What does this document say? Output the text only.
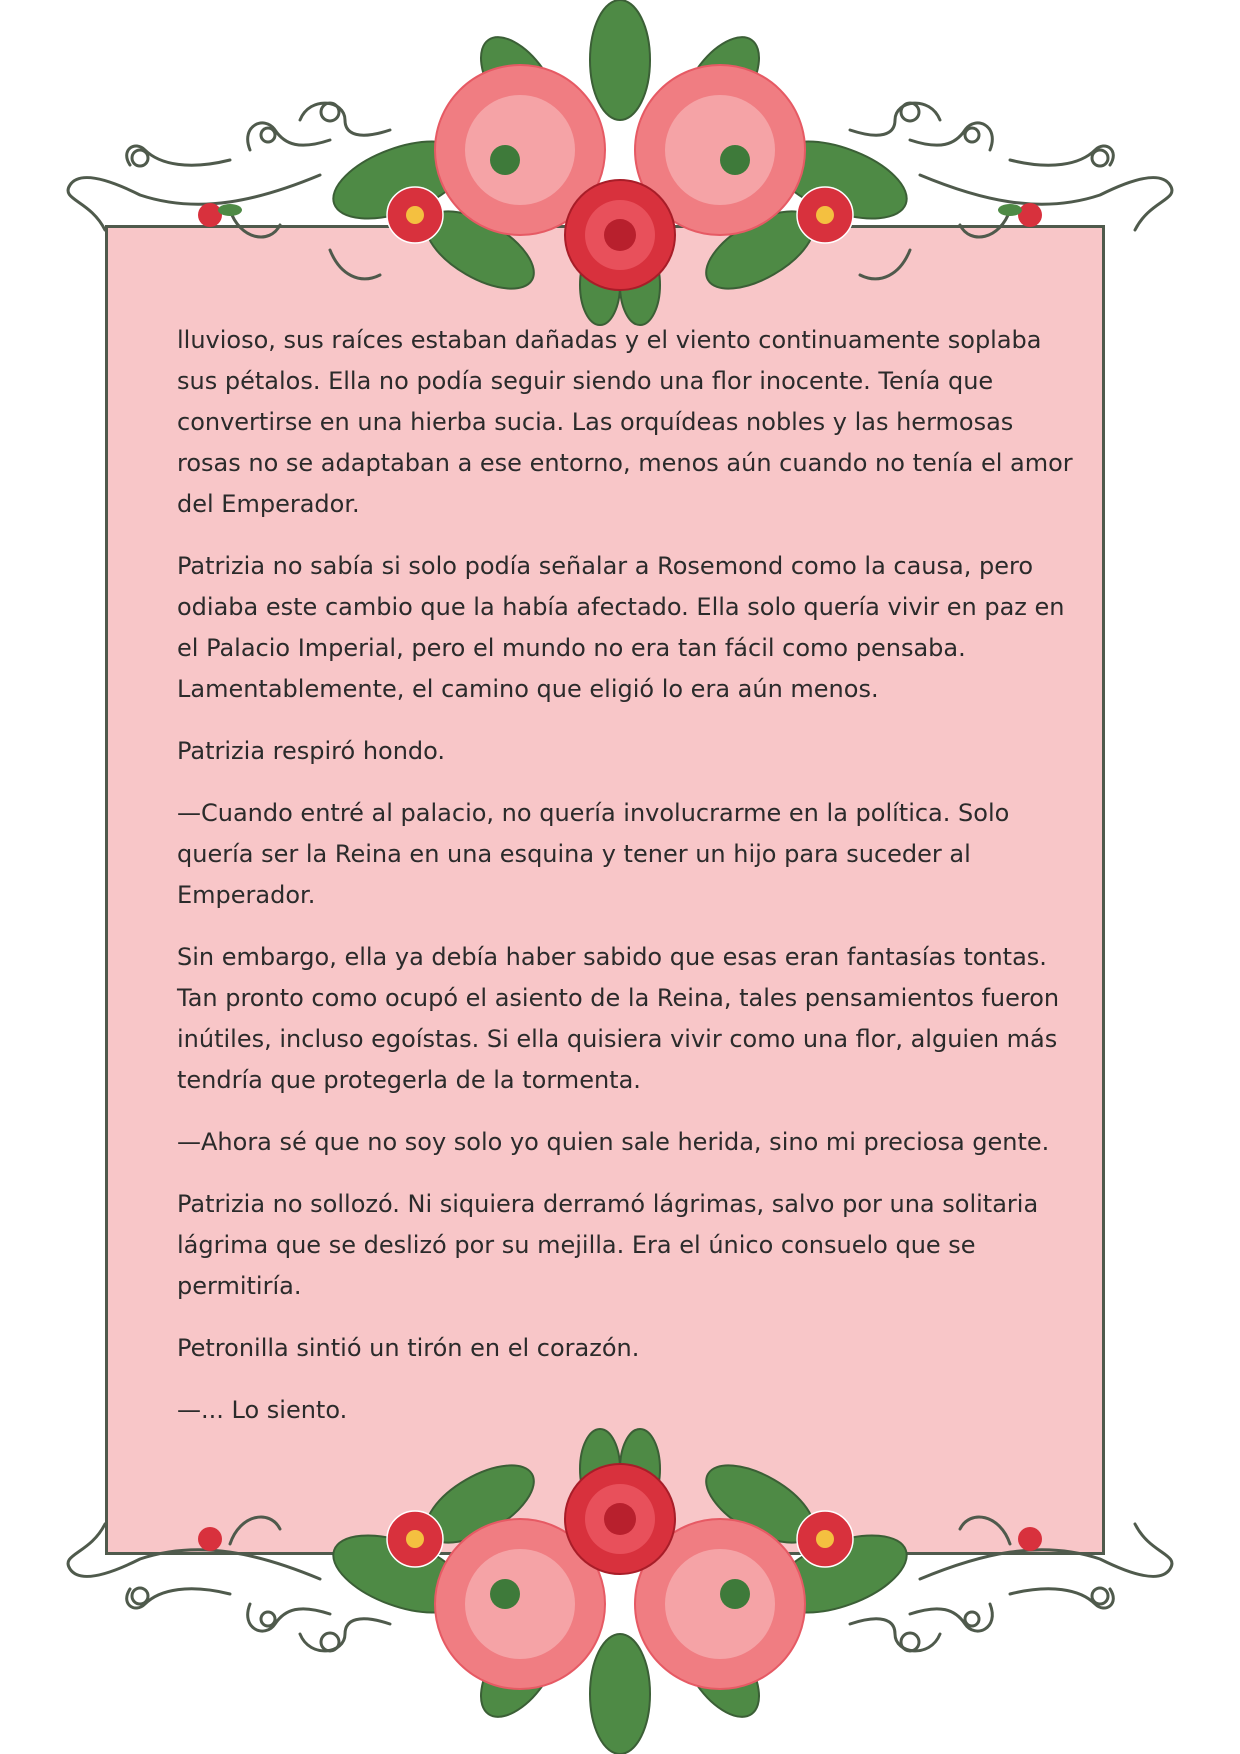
lluvioso, sus raíces estaban dañadas y el viento continuamente soplaba sus pétalos. Ella no podía seguir siendo una flor inocente. Tenía que convertirse en una hierba sucia. Las orquídeas nobles y las hermosas rosas no se adaptaban a ese entorno, menos aún cuando no tenía el amor del Emperador.

Patrizia no sabía si solo podía señalar a Rosemond como la causa, pero odiaba este cambio que la había afectado. Ella solo quería vivir en paz en el Palacio Imperial, pero el mundo no era tan fácil como pensaba. Lamentablemente, el camino que eligió lo era aún menos.

Patrizia respiró hondo.

—Cuando entré al palacio, no quería involucrarme en la política. Solo quería ser la Reina en una esquina y tener un hijo para suceder al Emperador.

Sin embargo, ella ya debía haber sabido que esas eran fantasías tontas. Tan pronto como ocupó el asiento de la Reina, tales pensamientos fueron inútiles, incluso egoístas. Si ella quisiera vivir como una flor, alguien más tendría que protegerla de la tormenta.

—Ahora sé que no soy solo yo quien sale herida, sino mi preciosa gente.

Patrizia no sollozó. Ni siquiera derramó lágrimas, salvo por una solitaria lágrima que se deslizó por su mejilla. Era el único consuelo que se permitiría.

Petronilla sintió un tirón en el corazón.

—... Lo siento.
